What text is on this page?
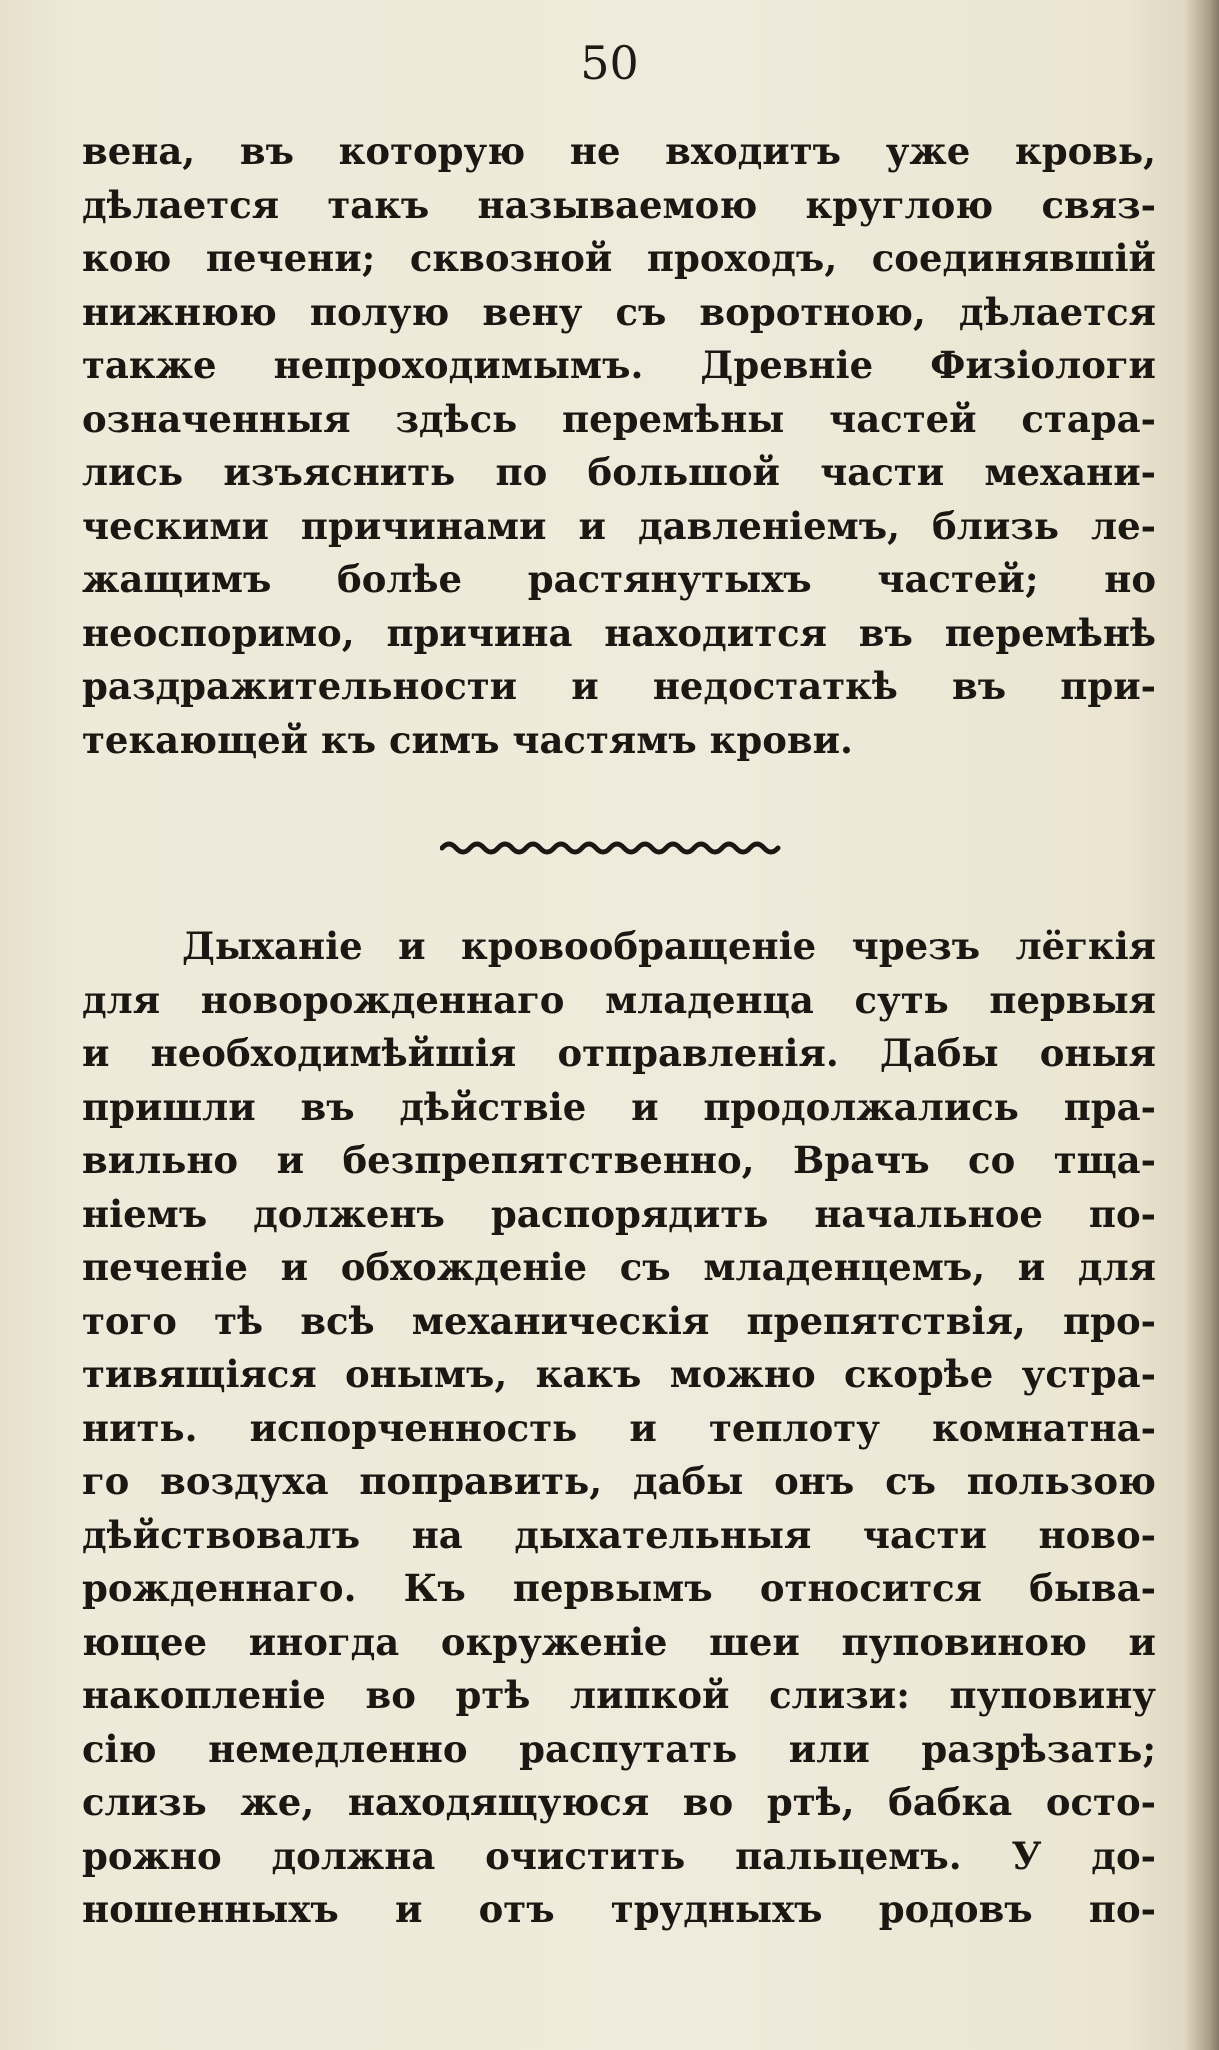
50
вена, въ которую не входитъ уже кровь,
дѣлается такъ называемою круглою связ-
кою печени; сквозной проходъ, соединявшій
нижнюю полую вену съ воротною, дѣлается
также непроходимымъ. Древніе Физіологи
означенныя здѣсь перемѣны частей стара-
лись изъяснить по большой части механи-
ческими причинами и давленіемъ, близь ле-
жащимъ болѣе растянутыхъ частей; но
неоспоримо, причина находится въ перемѣнѣ
раздражительности и недостаткѣ въ при-
текающей къ симъ частямъ крови.
Дыханіе и кровообращеніе чрезъ лёгкія
для новорожденнаго младенца суть первыя
и необходимѣйшія отправленія. Дабы оныя
пришли въ дѣйствіе и продолжались пра-
вильно и безпрепятственно, Врачъ со тща-
ніемъ долженъ распорядить начальное по-
печеніе и обхожденіе съ младенцемъ, и для
того тѣ всѣ механическія препятствія, про-
тивящіяся онымъ, какъ можно скорѣе устра-
нить. испорченность и теплоту комнатна-
го воздуха поправить, дабы онъ съ пользою
дѣйствовалъ на дыхательныя части ново-
рожденнаго. Къ первымъ относится быва-
ющее иногда окруженіе шеи пуповиною и
накопленіе во ртѣ липкой слизи: пуповину
сію немедленно распутать или разрѣзать;
слизь же, находящуюся во ртѣ, бабка осто-
рожно должна очистить пальцемъ. У до-
ношенныхъ и отъ трудныхъ родовъ по-
